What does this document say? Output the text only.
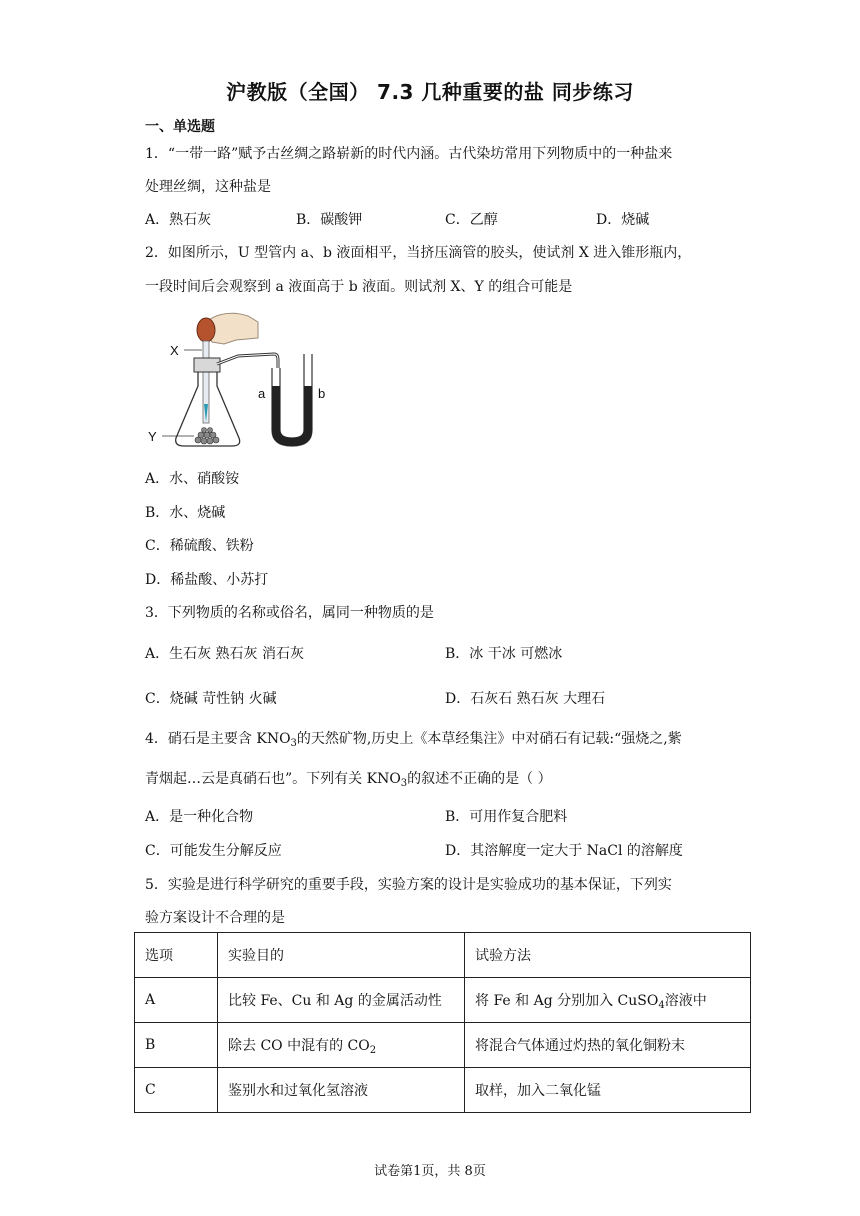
沪教版（全国） 7.3 几种重要的盐 同步练习
一、单选题
1．“一带一路”赋予古丝绸之路崭新的时代内涵。古代染坊常用下列物质中的一种盐来
处理丝绸，这种盐是
A．熟石灰	B．碳酸钾	C．乙醇	D．烧碱
2．如图所示，U 型管内 a、b 液面相平，当挤压滴管的胶头，使试剂 X 进入锥形瓶内，
一段时间后会观察到 a 液面高于 b 液面。则试剂 X、Y 的组合可能是
X
Y
a	b
A．水、硝酸铵
B．水、烧碱
C．稀硫酸、铁粉
D．稀盐酸、小苏打
3．下列物质的名称或俗名，属同一种物质的是
A．生石灰 熟石灰 消石灰	B．冰 干冰 可燃冰
C．烧碱 苛性钠 火碱	D．石灰石 熟石灰 大理石
4．硝石是主要含 $KNO_3$的天然矿物,历史上《本草经集注》中对硝石有记载:“强烧之,紫
青烟起…云是真硝石也”。下列有关 $KNO_3$的叙述不正确的是（ ）
A．是一种化合物	B．可用作复合肥料
C．可能发生分解反应	D．其溶解度一定大于 NaCl 的溶解度
5．实验是进行科学研究的重要手段，实验方案的设计是实验成功的基本保证，下列实
验方案设计不合理的是
选项	实验目的	试验方法
A	比较 Fe、Cu 和 Ag 的金属活动性	将 Fe 和 Ag 分别加入 CuSO$_4$溶液中
B	除去 CO 中混有的 $CO_2$	将混合气体通过灼热的氧化铜粉末
C	鉴别水和过氧化氢溶液	取样，加入二氧化锰
试卷第1页，共 8页
